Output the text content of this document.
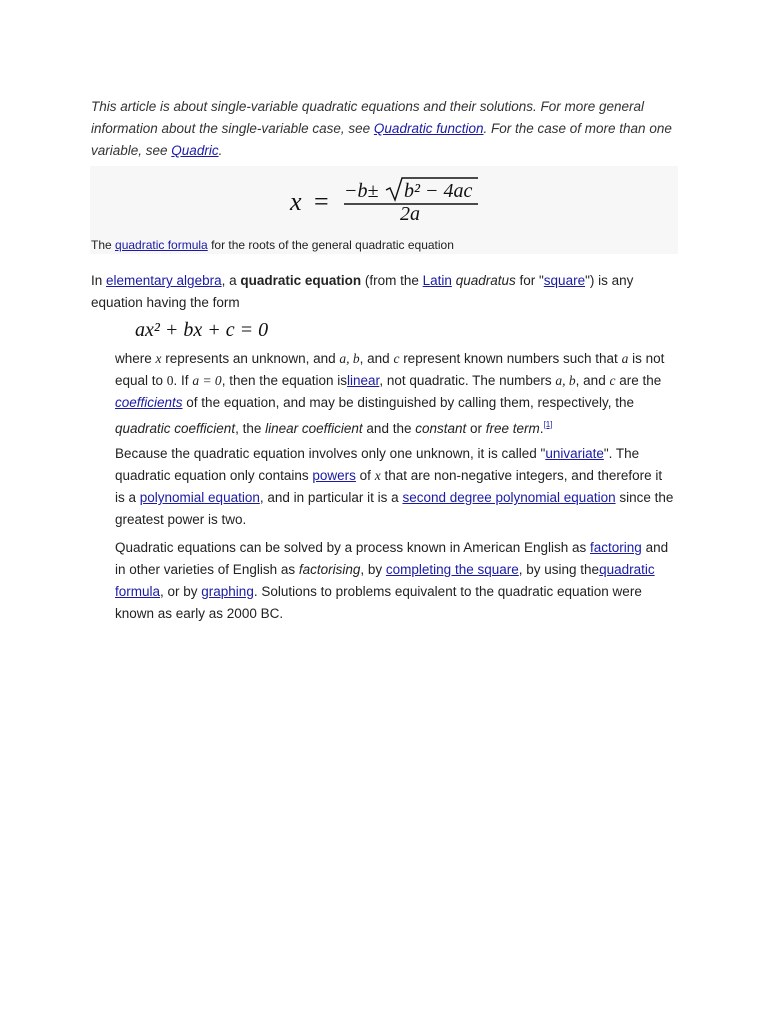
This article is about single-variable quadratic equations and their solutions. For more general information about the single-variable case, see Quadratic function. For the case of more than one variable, see Quadric.
x = −b± b² − 4ac
2a
The quadratic formula for the roots of the general quadratic equation
In elementary algebra, a quadratic equation (from the Latin quadratus for "square") is any equation having the form
ax² + bx + c = 0
where x represents an unknown, and a, b, and c represent known numbers such that a is not equal to 0. If a = 0, then the equation islinear, not quadratic. The numbers a, b, and c are the coefficients of the equation, and may be distinguished by calling them, respectively, the quadratic coefficient, the linear coefficient and the constant or free term.[1]
Because the quadratic equation involves only one unknown, it is called "univariate". The quadratic equation only contains powers of x that are non-negative integers, and therefore it is a polynomial equation, and in particular it is a second degree polynomial equation since the greatest power is two.
Quadratic equations can be solved by a process known in American English as factoring and in other varieties of English as factorising, by completing the square, by using thequadratic formula, or by graphing. Solutions to problems equivalent to the quadratic equation were known as early as 2000 BC.
